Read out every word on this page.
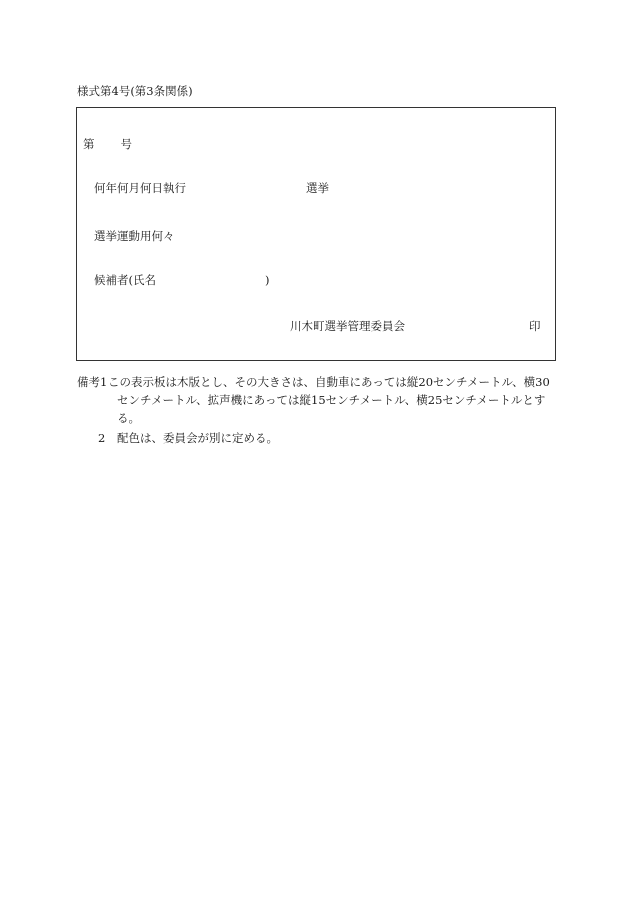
様式第4号(第3条関係)
第 号
何年何月何日執行	選挙
選挙運動用何々
候補者(氏名	)
川木町選挙管理委員会	印
備考1 この表示板は木版とし、その大きさは、自動車にあっては縦20センチメートル、横30センチメートル、拡声機にあっては縦15センチメートル、横25センチメートルとする。
2 配色は、委員会が別に定める。
